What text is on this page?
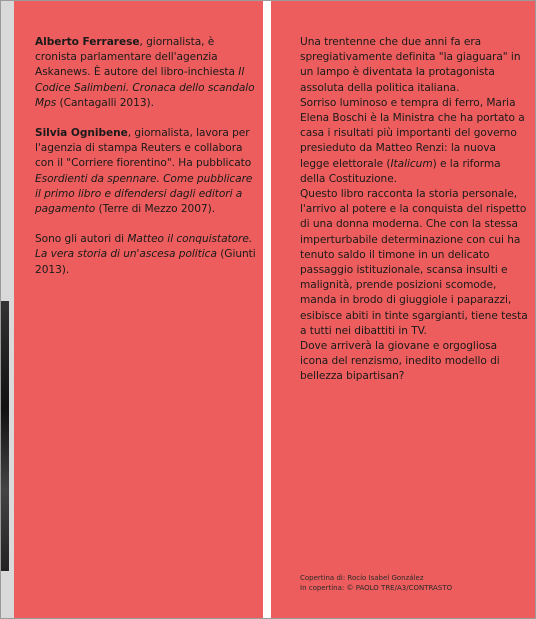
Alberto Ferrarese, giornalista, è cronista parlamentare dell'agenzia Askanews. È autore del libro-inchiesta Il Codice Salimbeni. Cronaca dello scandalo Mps (Cantagalli 2013).

Silvia Ognibene, giornalista, lavora per l'agenzia di stampa Reuters e collabora con il "Corriere fiorentino". Ha pubblicato Esordienti da spennare. Come pubblicare il primo libro e difendersi dagli editori a pagamento (Terre di Mezzo 2007).

Sono gli autori di Matteo il conquistatore. La vera storia di un'ascesa politica (Giunti 2013).

Una trentenne che due anni fa era spregiativamente definita "la giaguara" in un lampo è diventata la protagonista assoluta della politica italiana.

Sorriso luminoso e tempra di ferro, Maria Elena Boschi è la Ministra che ha portato a casa i risultati più importanti del governo presieduto da Matteo Renzi: la nuova legge elettorale (Italicum) e la riforma della Costituzione.

Questo libro racconta la storia personale, l'arrivo al potere e la conquista del rispetto di una donna moderna. Che con la stessa imperturbabile determinazione con cui ha tenuto saldo il timone in un delicato passaggio istituzionale, scansa insulti e malignità, prende posizioni scomode, manda in brodo di giuggiole i paparazzi, esibisce abiti in tinte sgargianti, tiene testa a tutti nei dibattiti in TV.

Dove arriverà la giovane e orgogliosa icona del renzismo, inedito modello di bellezza bipartisan?

Copertina di: Rocío Isabel González
In copertina: © PAOLO TRE/A3/CONTRASTO
